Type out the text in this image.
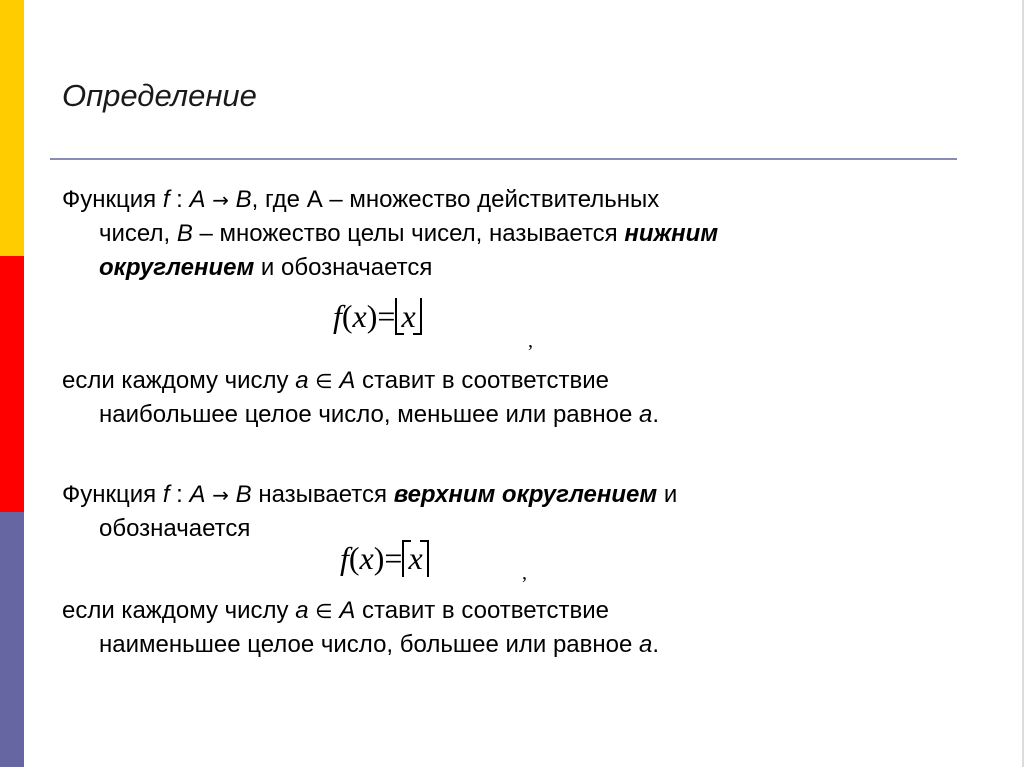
Определение
Функция f : A → B, где А – множество действительных
чисел, B – множество целы чисел, называется нижним
округлением и обозначается
f(x)= x
,
если каждому числу a ∈ A ставит в соответствие
наибольшее целое число, меньшее или равное a.
Функция f : A → B называется верхним округлением и
обозначается
f(x)= x	,
если каждому числу a ∈ A ставит в соответствие
наименьшее целое число, большее или равное a.
